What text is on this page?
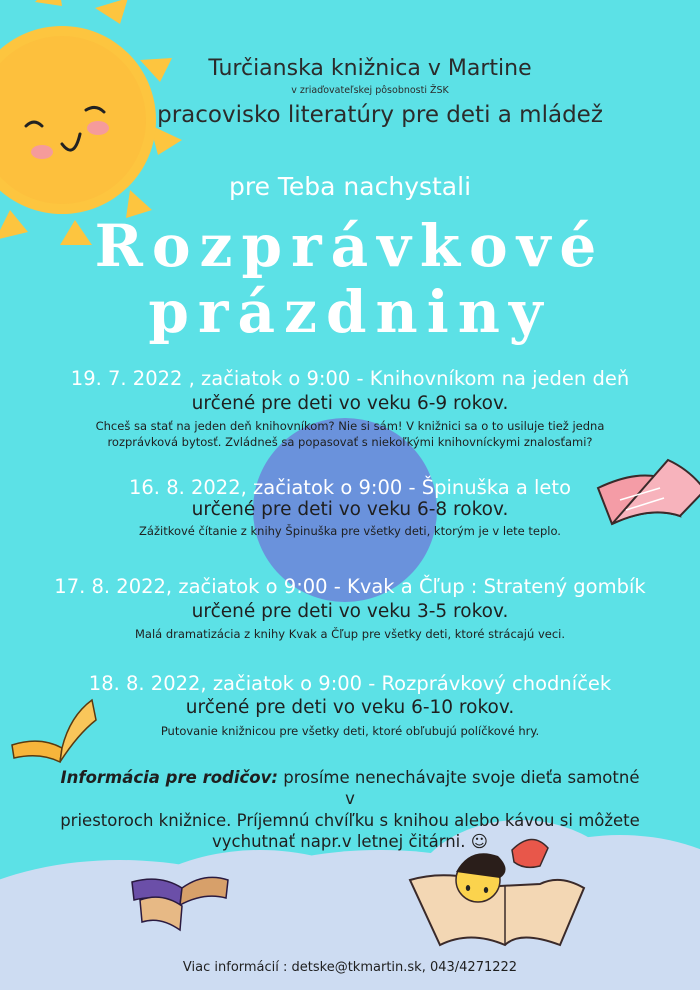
Turčianska knižnica v Martine
v zriaďovateľskej pôsobnosti ŽSK
pracovisko literatúry pre deti a mládež
pre Teba nachystali
Rozprávkové
prázdniny
19. 7. 2022 , začiatok o 9:00 - Knihovníkom na jeden deň
určené pre deti vo veku 6-9 rokov.
Chceš sa stať na jeden deň knihovníkom? Nie si sám! V knižnici sa o to usiluje tiež jedna
rozprávková bytosť. Zvládneš sa popasovať s niekoľkými knihovníckymi znalosťami?
16. 8. 2022, začiatok o 9:00 - Špinuška a leto
určené pre deti vo veku 6-8 rokov.
Zážitkové čítanie z knihy Špinuška pre všetky deti, ktorým je v lete teplo.
17. 8. 2022, začiatok o 9:00 - Kvak a Čľup : Stratený gombík
určené pre deti vo veku 3-5 rokov.
Malá dramatizácia z knihy Kvak a Čľup pre všetky deti, ktoré strácajú veci.
18. 8. 2022, začiatok o 9:00 - Rozprávkový chodníček
určené pre deti vo veku 6-10 rokov.
Putovanie knižnicou pre všetky deti, ktoré obľubujú políčkové hry.
Informácia pre rodičov: prosíme nenechávajte svoje dieťa samotné v
priestoroch knižnice. Príjemnú chvíľku s knihou alebo kávou si môžete
vychutnať napr.v letnej čitárni. ☺
Viac informácií : detske@tkmartin.sk, 043/4271222
